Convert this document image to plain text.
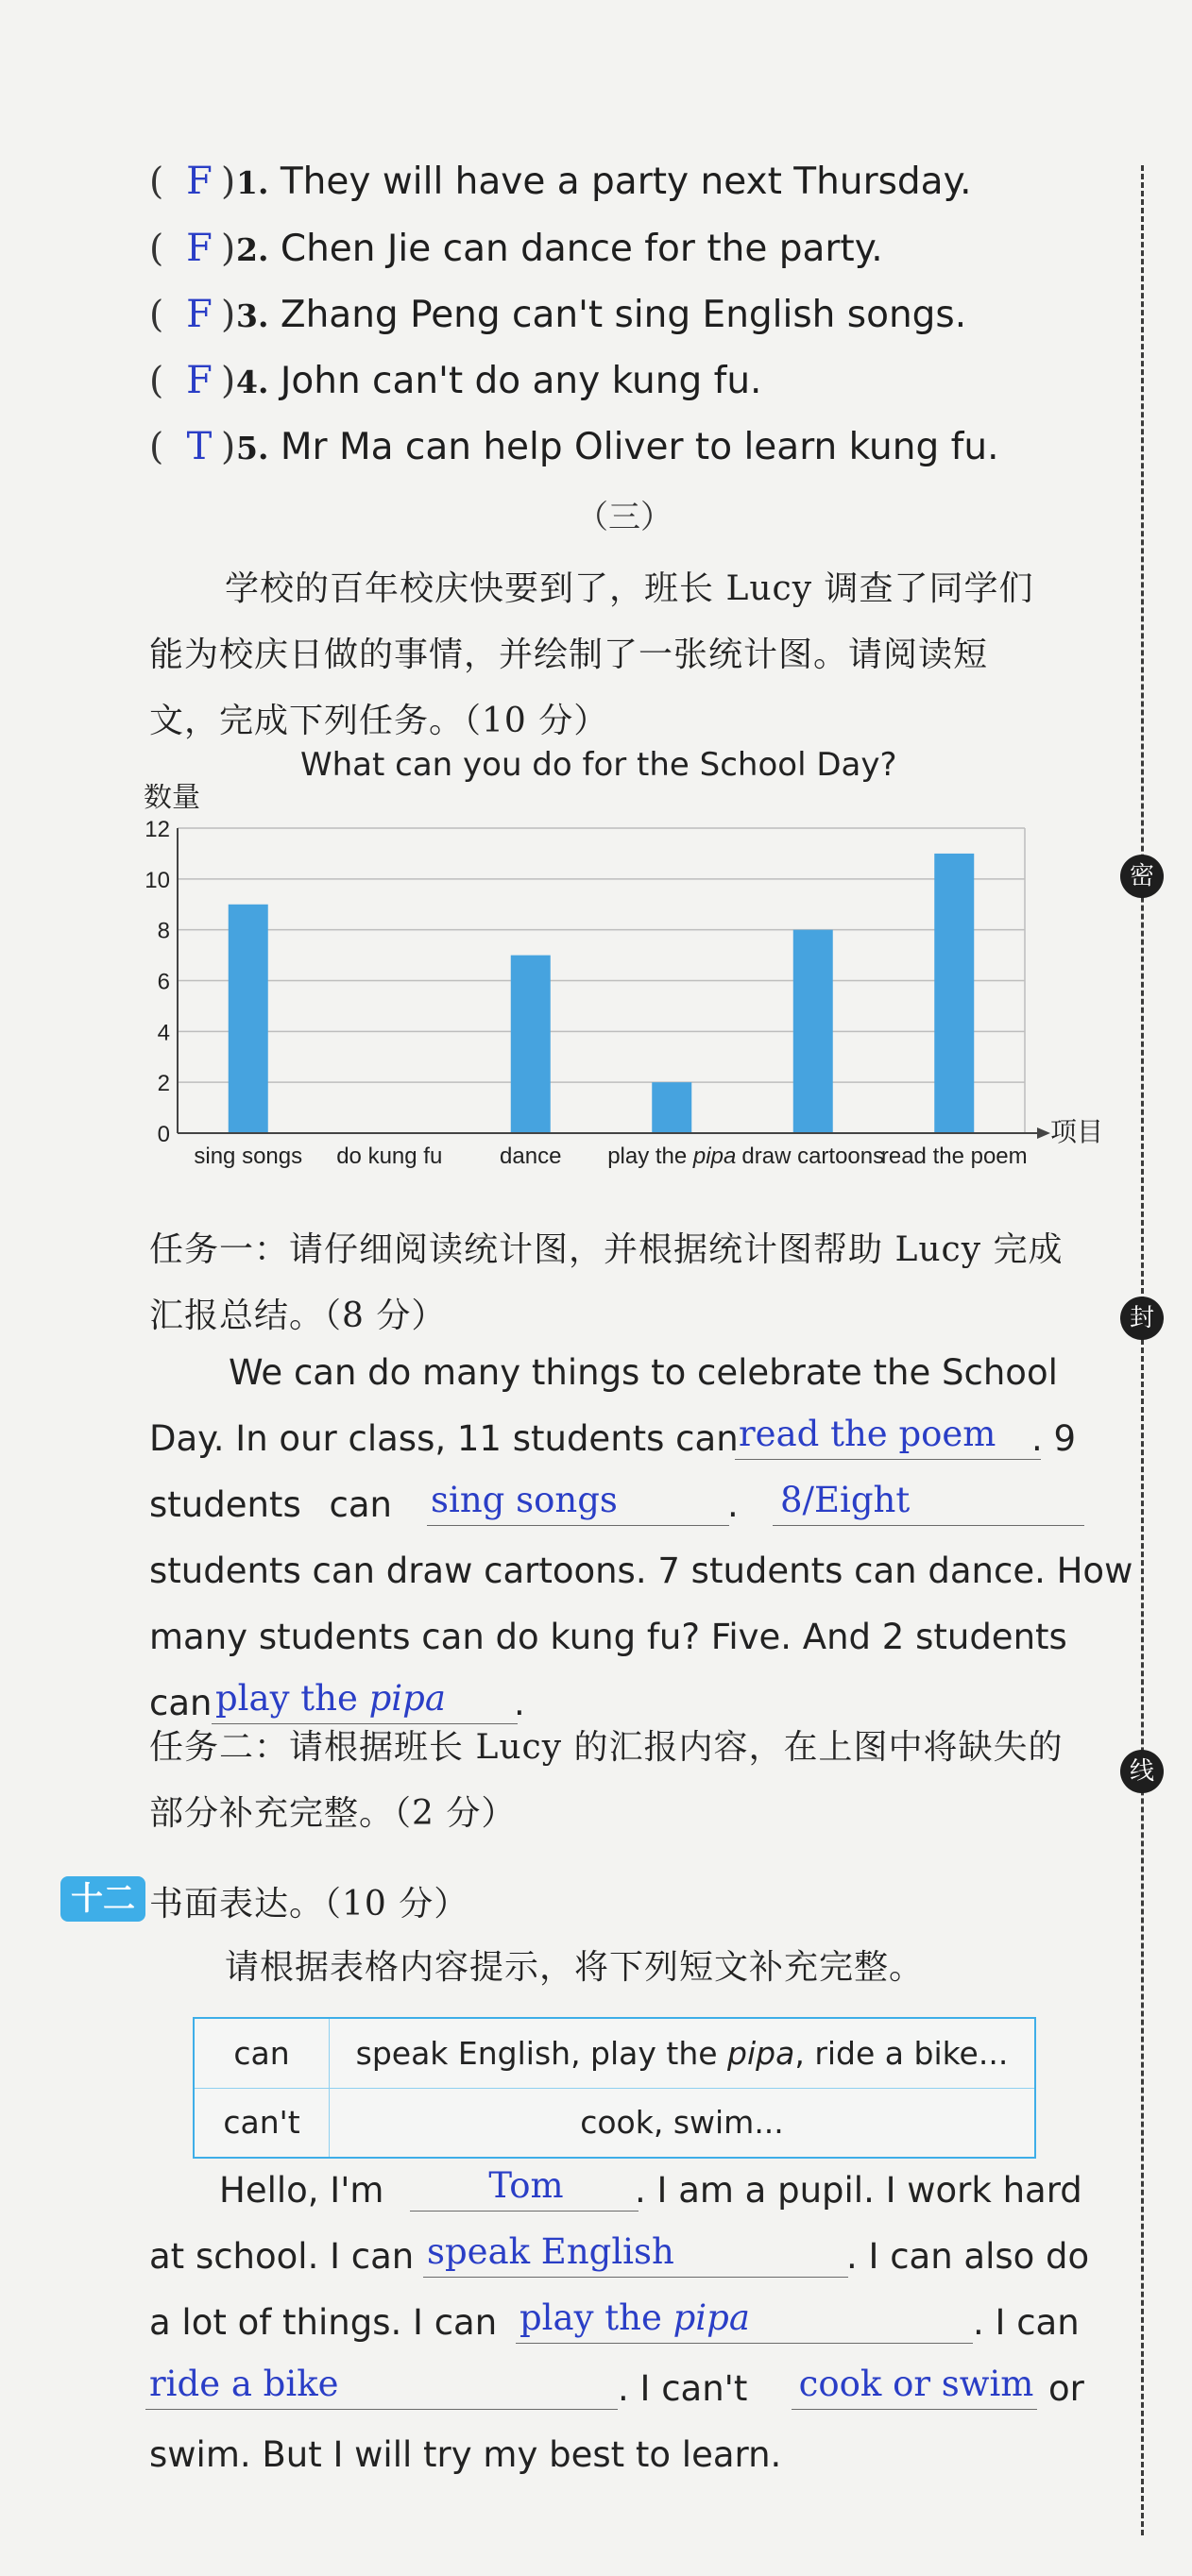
密
封
线
( F )1. They will have a party next Thursday.
( F )2. Chen Jie can dance for the party.
( F )3. Zhang Peng can't sing English songs.
( F )4. John can't do any kung fu.
( T )5. Mr Ma can help Oliver to learn kung fu.
（三）
学校的百年校庆快要到了，班长 Lucy 调查了同学们
能为校庆日做的事情，并绘制了一张统计图。请阅读短
文，完成下列任务。（10 分）
What can you do for the School Day?
数量
项目
0
2
4
6
8
10
12
sing songs do kung fu	dance play the pipa draw cartoons
read the poem
任务一：请仔细阅读统计图，并根据统计图帮助 Lucy 完成
汇报总结。（8 分）
We can do many things to celebrate the School
Day. In our class, 11 students can read the poem	. 9
students can sing songs	. 8/Eight
students can draw cartoons. 7 students can dance. How
many students can do kung fu? Five. And 2 students
can play the pipa	.
任务二：请根据班长 Lucy 的汇报内容，在上图中将缺失的
部分补充完整。（2 分）
十二 书面表达。（10 分）
请根据表格内容提示，将下列短文补充完整。
can	speak English, play the pipa, ride a bike...
can't	cook, swim...
Hello, I'm	Tom	. I am a pupil. I work hard
at school. I can speak English	. I can also do
a lot of things. I can play the pipa	. I can
ride a bike	. I can't cook or swim or
swim. But I will try my best to learn.
